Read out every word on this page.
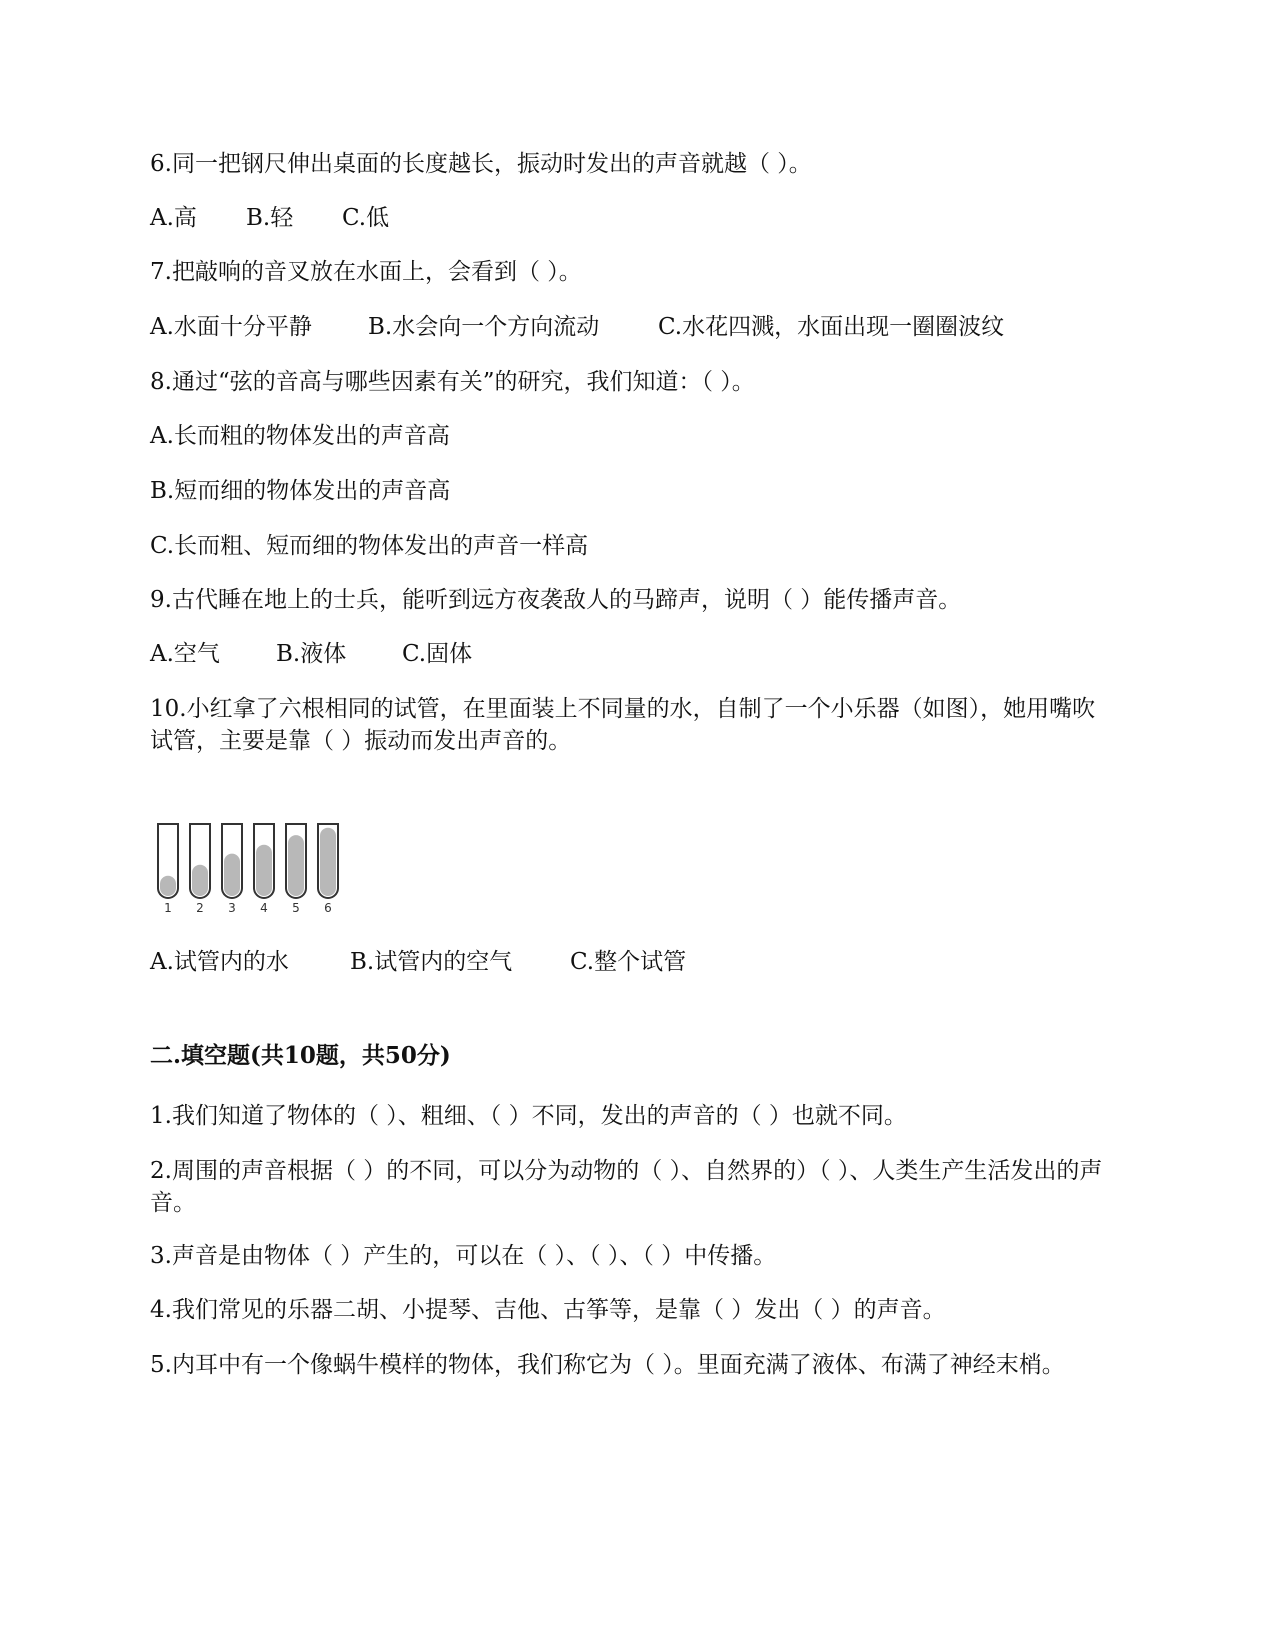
6.同一把钢尺伸出桌面的长度越长，振动时发出的声音就越（ ）。
A.高 B.轻 C.低
7.把敲响的音叉放在水面上，会看到（ ）。
A.水面十分平静 B.水会向一个方向流动	C.水花四溅，水面出现一圈圈波纹
8.通过“弦的音高与哪些因素有关”的研究，我们知道：（ ）。
A.长而粗的物体发出的声音高
B.短而细的物体发出的声音高
C.长而粗、短而细的物体发出的声音一样高
9.古代睡在地上的士兵，能听到远方夜袭敌人的马蹄声，说明（ ）能传播声音。
A.空气 B.液体 C.固体
10.小红拿了六根相同的试管，在里面装上不同量的水，自制了一个小乐器（如图），她用嘴吹试管，主要是靠（ ）振动而发出声音的。
1 2 3 4 5 6
A.试管内的水	B.试管内的空气	C.整个试管
二.填空题(共10题，共50分)
1.我们知道了物体的（ ）、粗细、（ ）不同，发出的声音的（ ）也就不同。
2.周围的声音根据（ ）的不同，可以分为动物的（ ）、自然界的）（ ）、人类生产生活发出的声音。
3.声音是由物体（ ）产生的，可以在（ ）、（ ）、（ ）中传播。
4.我们常见的乐器二胡、小提琴、吉他、古筝等，是靠（ ）发出（ ）的声音。
5.内耳中有一个像蜗牛模样的物体，我们称它为（ ）。里面充满了液体、布满了神经末梢。
